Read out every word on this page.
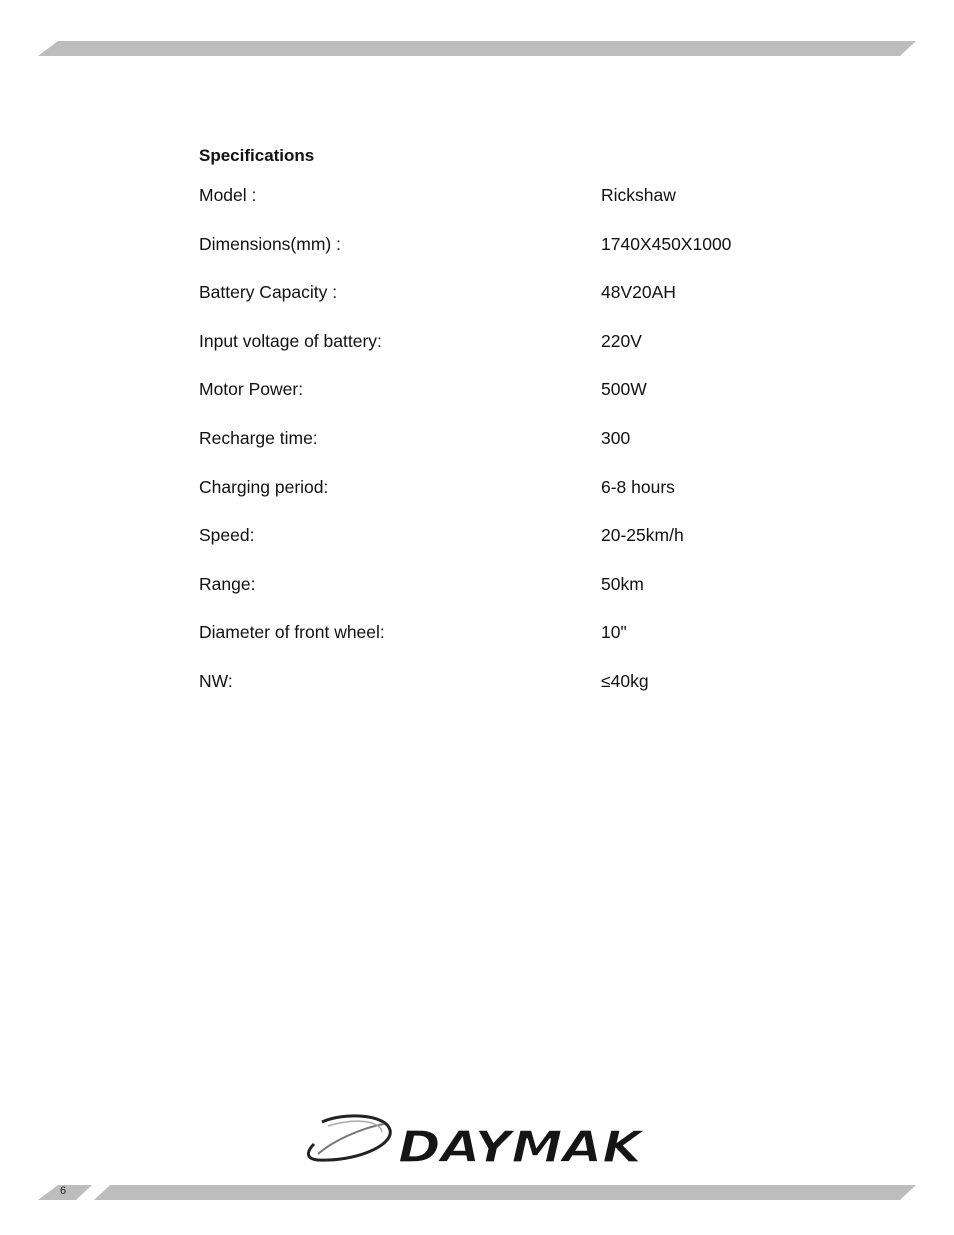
Specifications
Model :	Rickshaw
Dimensions(mm) :	1740X450X1000
Battery Capacity :	48V20AH
Input voltage of battery:	220V
Motor Power:	500W
Recharge time:	300
Charging period:	6-8 hours
Speed:	20-25km/h
Range:	50km
Diameter of front wheel:	10"
NW:	≤40kg
DAYMAK
6
